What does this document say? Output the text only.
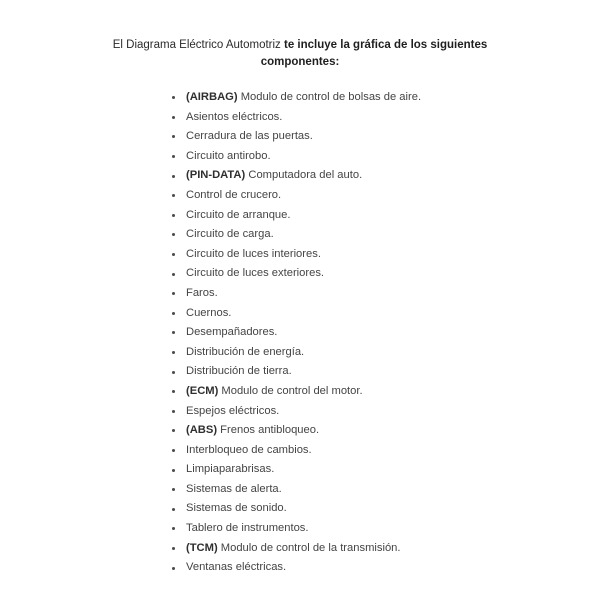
El Diagrama Eléctrico Automotriz te incluye la gráfica de los siguientes
componentes:
(AIRBAG) Modulo de control de bolsas de aire.
Asientos eléctricos.
Cerradura de las puertas.
Circuito antirobo.
(PIN-DATA) Computadora del auto.
Control de crucero.
Circuito de arranque.
Circuito de carga.
Circuito de luces interiores.
Circuito de luces exteriores.
Faros.
Cuernos.
Desempañadores.
Distribución de energía.
Distribución de tierra.
(ECM) Modulo de control del motor.
Espejos eléctricos.
(ABS) Frenos antibloqueo.
Interbloqueo de cambios.
Limpiaparabrisas.
Sistemas de alerta.
Sistemas de sonido.
Tablero de instrumentos.
(TCM) Modulo de control de la transmisión.
Ventanas eléctricas.
